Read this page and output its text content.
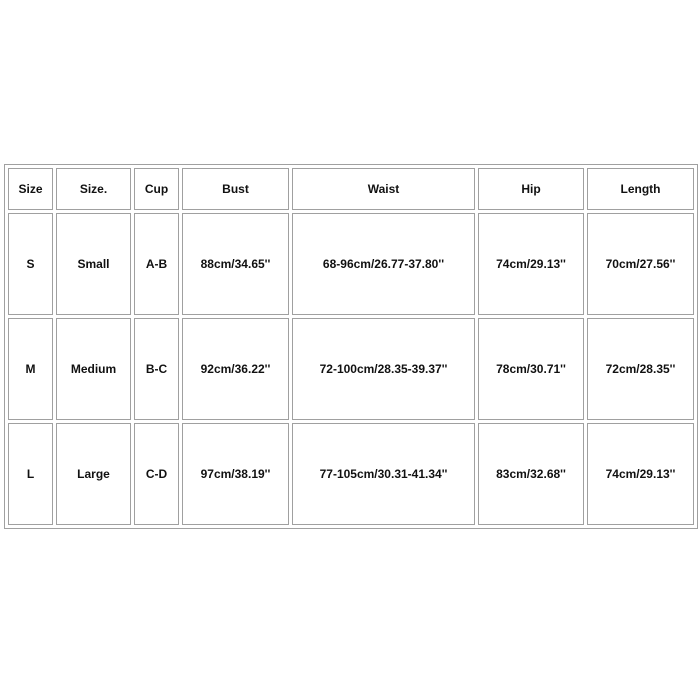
Size	Size.	Cup	Bust	Waist	Hip	Length
S	Small	A-B	88cm/34.65''	68-96cm/26.77-37.80''	74cm/29.13''	70cm/27.56''
M	Medium	B-C	92cm/36.22''	72-100cm/28.35-39.37''	78cm/30.71''	72cm/28.35''
L	Large	C-D	97cm/38.19''	77-105cm/30.31-41.34''	83cm/32.68''	74cm/29.13''
